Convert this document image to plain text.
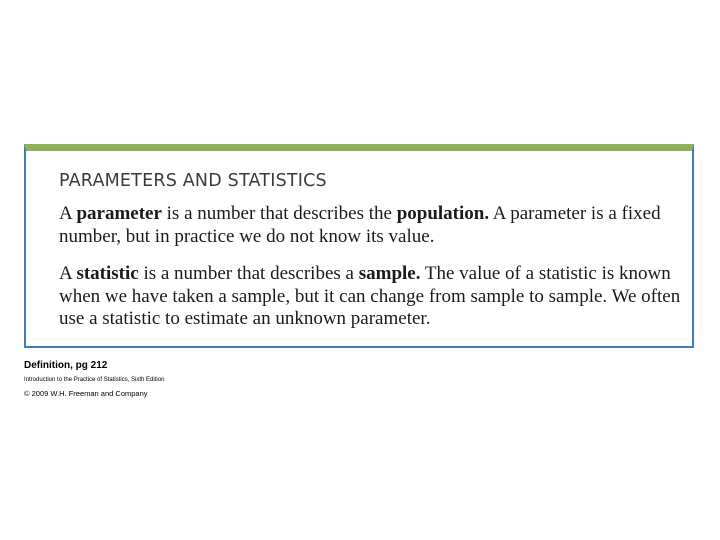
PARAMETERS AND STATISTICS

A parameter is a number that describes the population. A parameter is a fixed number, but in practice we do not know its value.

A statistic is a number that describes a sample. The value of a statistic is known when we have taken a sample, but it can change from sample to sample. We often use a statistic to estimate an unknown parameter.

Definition, pg 212
Introduction to the Practice of Statistics, Sixth Edition
© 2009 W.H. Freeman and Company
